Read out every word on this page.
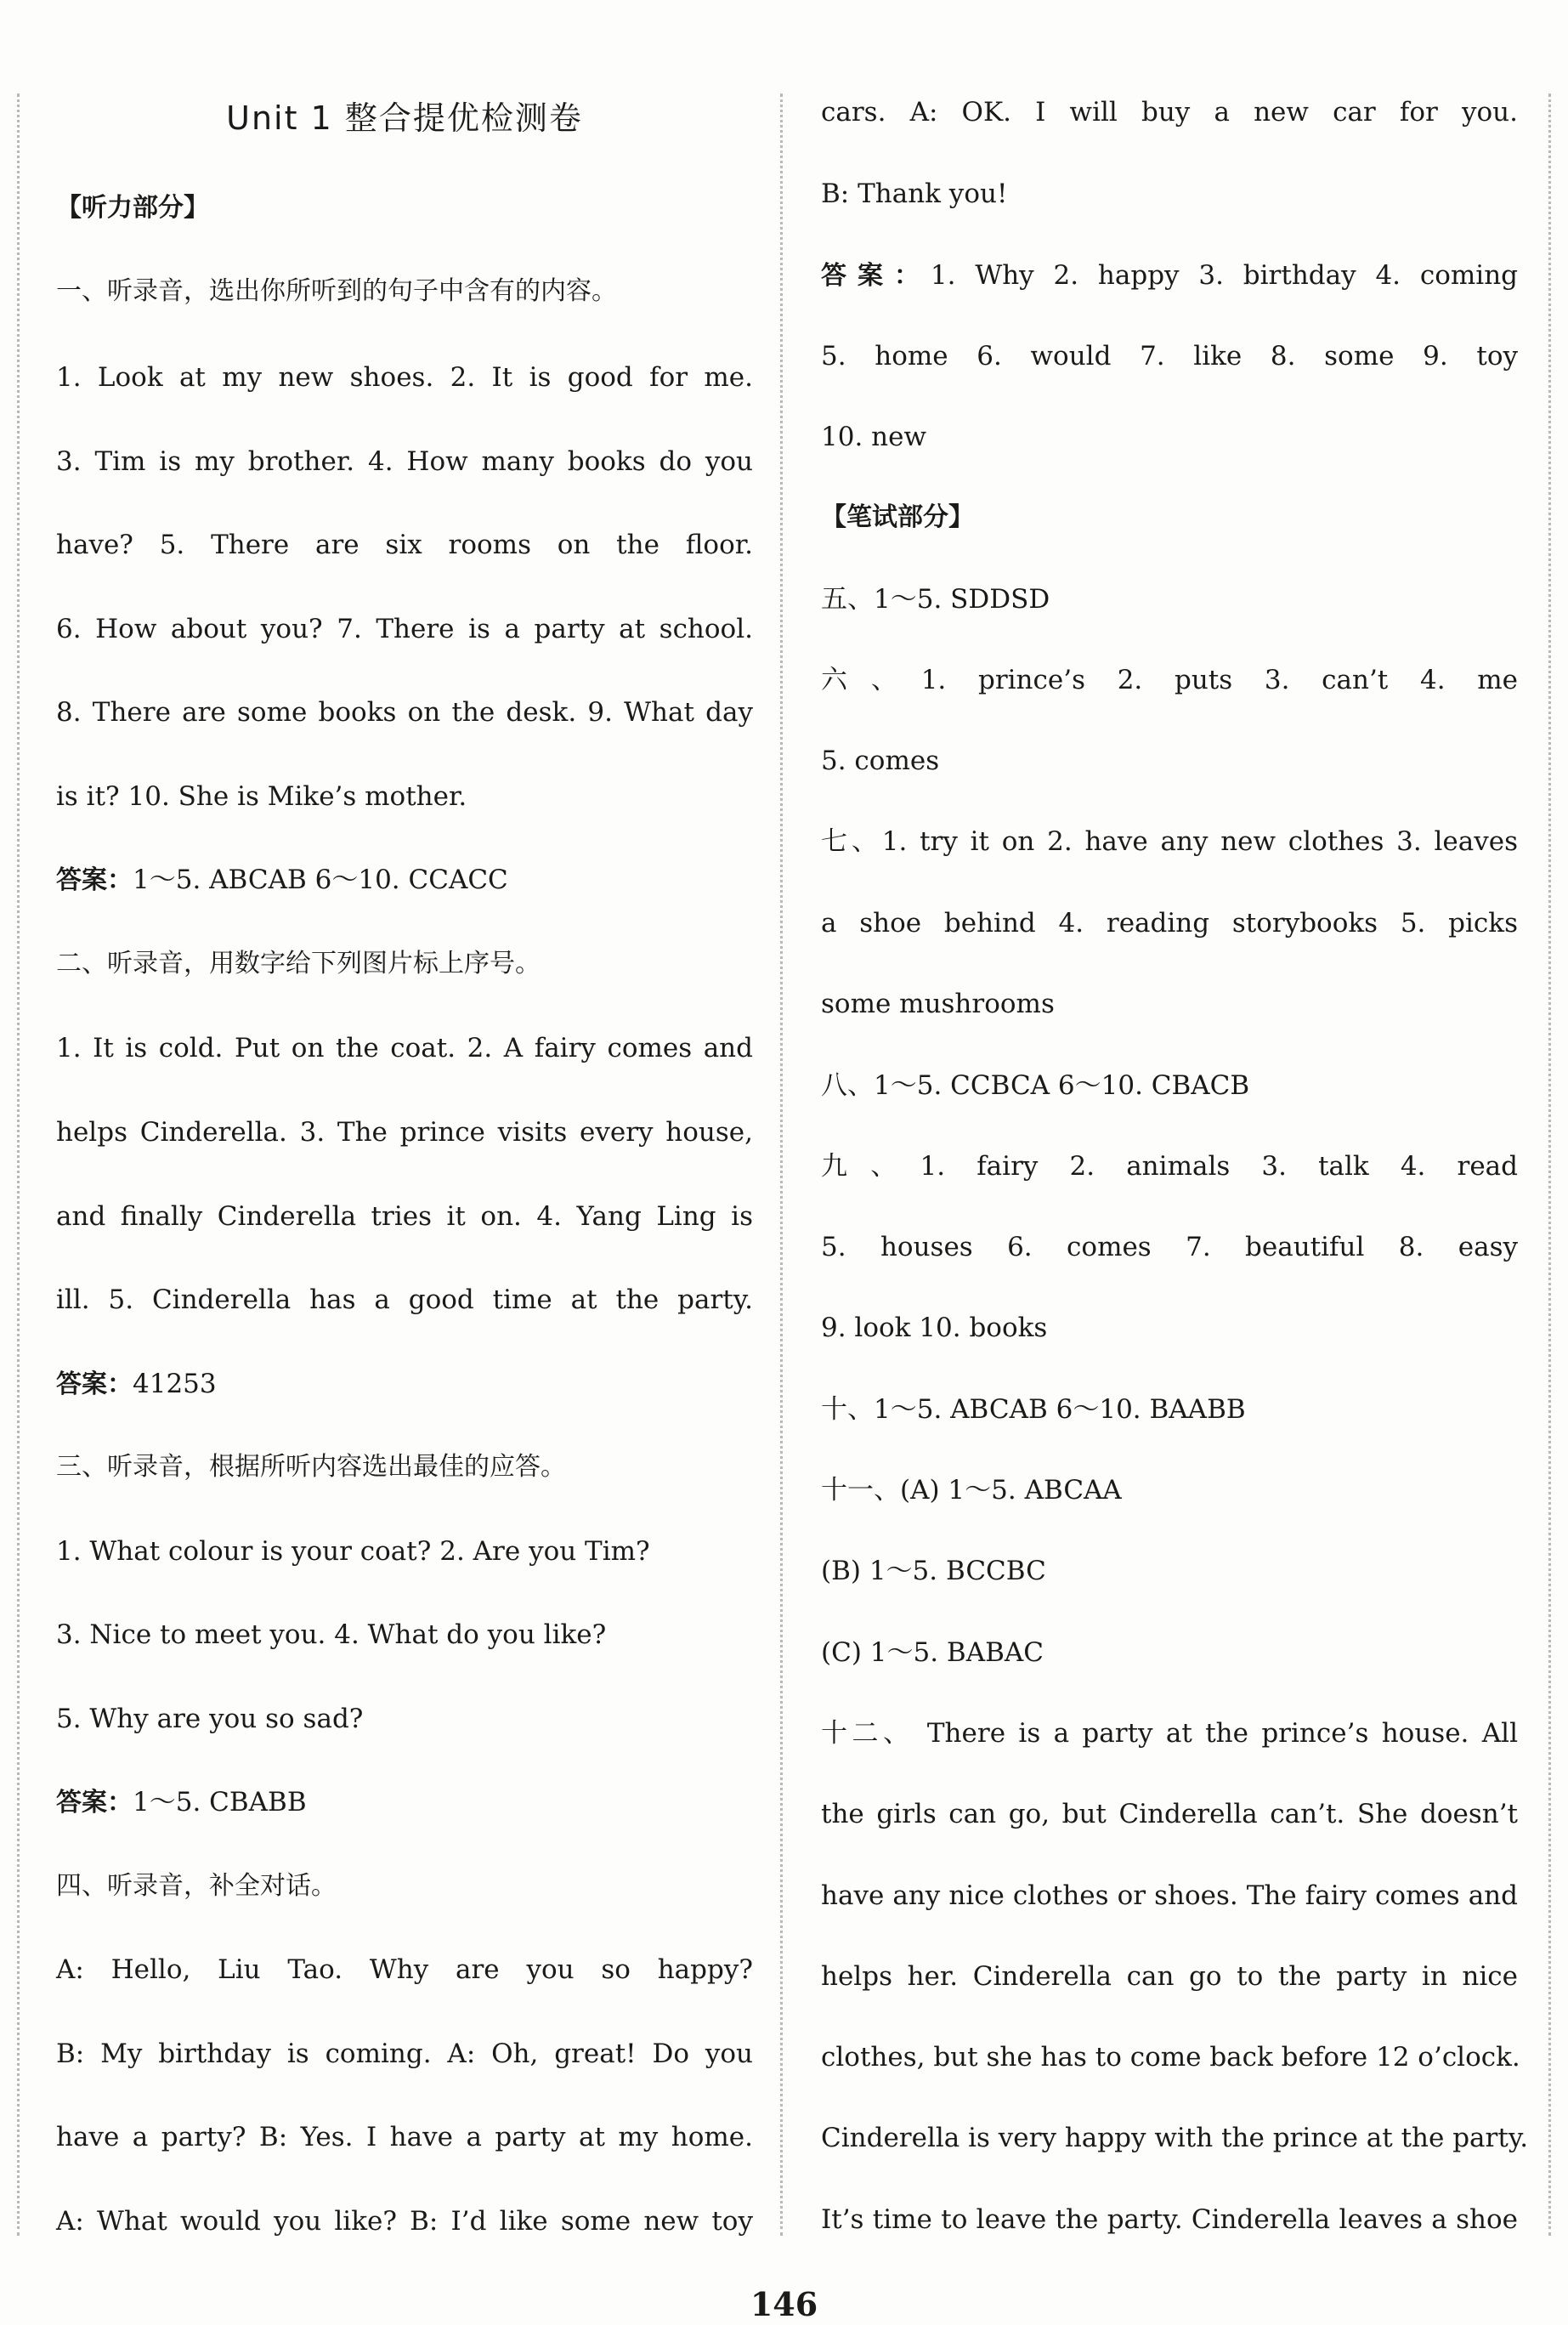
Unit 1 整合提优检测卷
【听力部分】
一、听录音，选出你所听到的句子中含有的内容。
1. Look at my new shoes. 2. It is good for me.
3. Tim is my brother. 4. How many books do you
have? 5. There are six rooms on the floor.
6. How about you? 7. There is a party at school.
8. There are some books on the desk. 9. What day
is it? 10. She is Mike’s mother.
答案：1～5. ABCAB 6～10. CCACC
二、听录音，用数字给下列图片标上序号。
1. It is cold. Put on the coat. 2. A fairy comes and
helps Cinderella. 3. The prince visits every house,
and finally Cinderella tries it on. 4. Yang Ling is
ill. 5. Cinderella has a good time at the party.
答案：41253
三、听录音，根据所听内容选出最佳的应答。
1. What colour is your coat? 2. Are you Tim?
3. Nice to meet you. 4. What do you like?
5. Why are you so sad?
答案：1～5. CBABB
四、听录音，补全对话。
A: Hello, Liu Tao. Why are you so happy?
B: My birthday is coming. A: Oh, great! Do you
have a party? B: Yes. I have a party at my home.
A: What would you like? B: I’d like some new toy
cars. A: OK. I will buy a new car for you.
B: Thank you!
答案：1. Why 2. happy 3. birthday 4. coming
5. home 6. would 7. like 8. some 9. toy
10. new
【笔试部分】
五、1～5. SDDSD
六、1. prince’s 2. puts 3. can’t 4. me
5. comes
七、1. try it on 2. have any new clothes 3. leaves
a shoe behind 4. reading storybooks 5. picks
some mushrooms
八、1～5. CCBCA 6～10. CBACB
九、1. fairy 2. animals 3. talk 4. read
5. houses 6. comes 7. beautiful 8. easy
9. look 10. books
十、1～5. ABCAB 6～10. BAABB
十一、(A) 1～5. ABCAA
(B) 1～5. BCCBC
(C) 1～5. BABAC
十二、 There is a party at the prince’s house. All
the girls can go, but Cinderella can’t. She doesn’t
have any nice clothes or shoes. The fairy comes and
helps her. Cinderella can go to the party in nice
clothes, but she has to come back before 12 o’clock.
Cinderella is very happy with the prince at the party.
It’s time to leave the party. Cinderella leaves a shoe
146
